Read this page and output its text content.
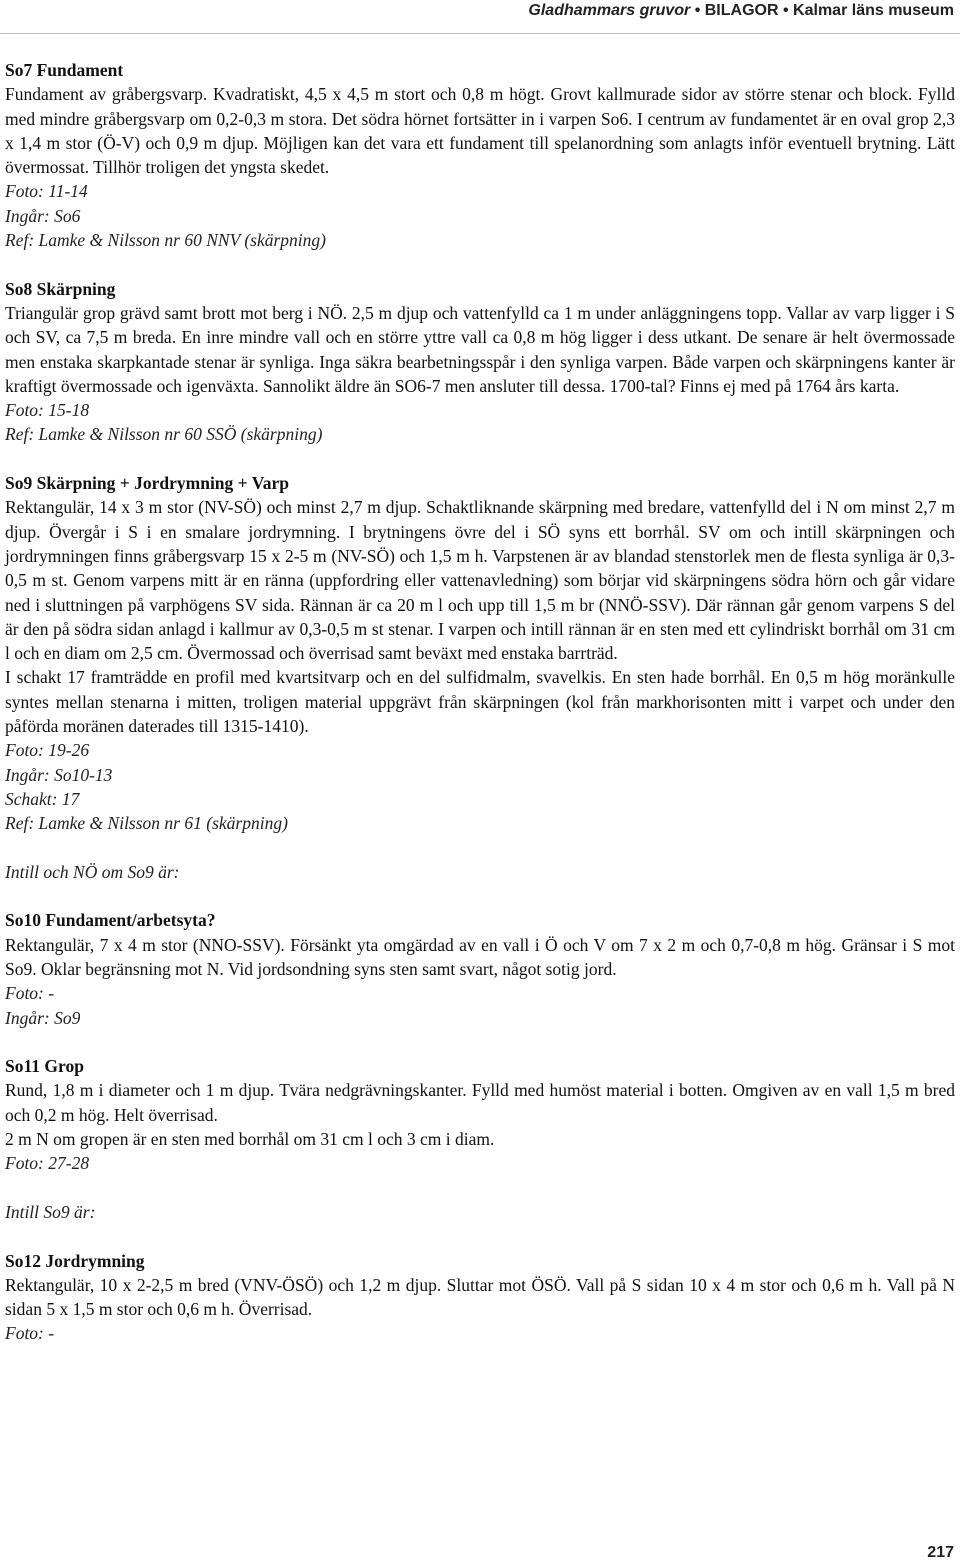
Gladhammars gruvor • BILAGOR • Kalmar läns museum

So7 Fundament

Fundament av gråbergsvarp. Kvadratiskt, 4,5 x 4,5 m stort och 0,8 m högt. Grovt kallmurade sidor av större stenar och block. Fylld med mindre gråbergsvarp om 0,2-0,3 m stora. Det södra hörnet fortsätter in i varpen So6. I centrum av fundamentet är en oval grop 2,3 x 1,4 m stor (Ö-V) och 0,9 m djup. Möjligen kan det vara ett fundament till spelanordning som anlagts inför eventuell brytning. Lätt övermossat. Tillhör troligen det yngsta skedet.

Foto: 11-14

Ingår: So6

Ref: Lamke & Nilsson nr 60 NNV (skärpning)

So8 Skärpning

Triangulär grop grävd samt brott mot berg i NÖ. 2,5 m djup och vattenfylld ca 1 m under anläggningens topp. Vallar av varp ligger i S och SV, ca 7,5 m breda. En inre mindre vall och en större yttre vall ca 0,8 m hög ligger i dess utkant. De senare är helt övermossade men enstaka skarpkantade stenar är synliga. Inga säkra bearbetningsspår i den synliga varpen. Både varpen och skärpningens kanter är kraftigt övermossade och igenväxta. Sannolikt äldre än SO6-7 men ansluter till dessa. 1700-tal? Finns ej med på 1764 års karta.

Foto: 15-18

Ref: Lamke & Nilsson nr 60 SSÖ (skärpning)

So9 Skärpning + Jordrymning + Varp

Rektangulär, 14 x 3 m stor (NV-SÖ) och minst 2,7 m djup. Schaktliknande skärpning med bredare, vattenfylld del i N om minst 2,7 m djup. Övergår i S i en smalare jordrymning. I brytningens övre del i SÖ syns ett borrhål. SV om och intill skärpningen och jordrymningen finns gråbergsvarp 15 x 2-5 m (NV-SÖ) och 1,5 m h. Varpstenen är av blandad stenstorlek men de flesta synliga är 0,3-0,5 m st. Genom varpens mitt är en ränna (uppfordring eller vattenavledning) som börjar vid skärpningens södra hörn och går vidare ned i sluttningen på varphögens SV sida. Rännan är ca 20 m l och upp till 1,5 m br (NNÖ-SSV). Där rännan går genom varpens S del är den på södra sidan anlagd i kallmur av 0,3-0,5 m st stenar. I varpen och intill rännan är en sten med ett cylindriskt borrhål om 31 cm l och en diam om 2,5 cm. Övermossad och överrisad samt beväxt med enstaka barrträd.

I schakt 17 framträdde en profil med kvartsitvarp och en del sulfidmalm, svavelkis. En sten hade borrhål. En 0,5 m hög moränkulle syntes mellan stenarna i mitten, troligen material uppgrävt från skärpningen (kol från markhorisonten mitt i varpet och under den påförda moränen daterades till 1315-1410).

Foto: 19-26

Ingår: So10-13

Schakt: 17

Ref: Lamke & Nilsson nr 61 (skärpning)

Intill och NÖ om So9 är:

So10 Fundament/arbetsyta?

Rektangulär, 7 x 4 m stor (NNO-SSV). Försänkt yta omgärdad av en vall i Ö och V om 7 x 2 m och 0,7-0,8 m hög. Gränsar i S mot So9. Oklar begränsning mot N. Vid jordsondning syns sten samt svart, något sotig jord.

Foto: -

Ingår: So9

So11 Grop

Rund, 1,8 m i diameter och 1 m djup. Tvära nedgrävningskanter. Fylld med humöst material i botten. Omgiven av en vall 1,5 m bred och 0,2 m hög. Helt överrisad.

2 m N om gropen är en sten med borrhål om 31 cm l och 3 cm i diam.

Foto: 27-28

Intill So9 är:

So12 Jordrymning

Rektangulär, 10 x 2-2,5 m bred (VNV-ÖSÖ) och 1,2 m djup. Sluttar mot ÖSÖ. Vall på S sidan 10 x 4 m stor och 0,6 m h. Vall på N sidan 5 x 1,5 m stor och 0,6 m h. Överrisad.

Foto: -

217
